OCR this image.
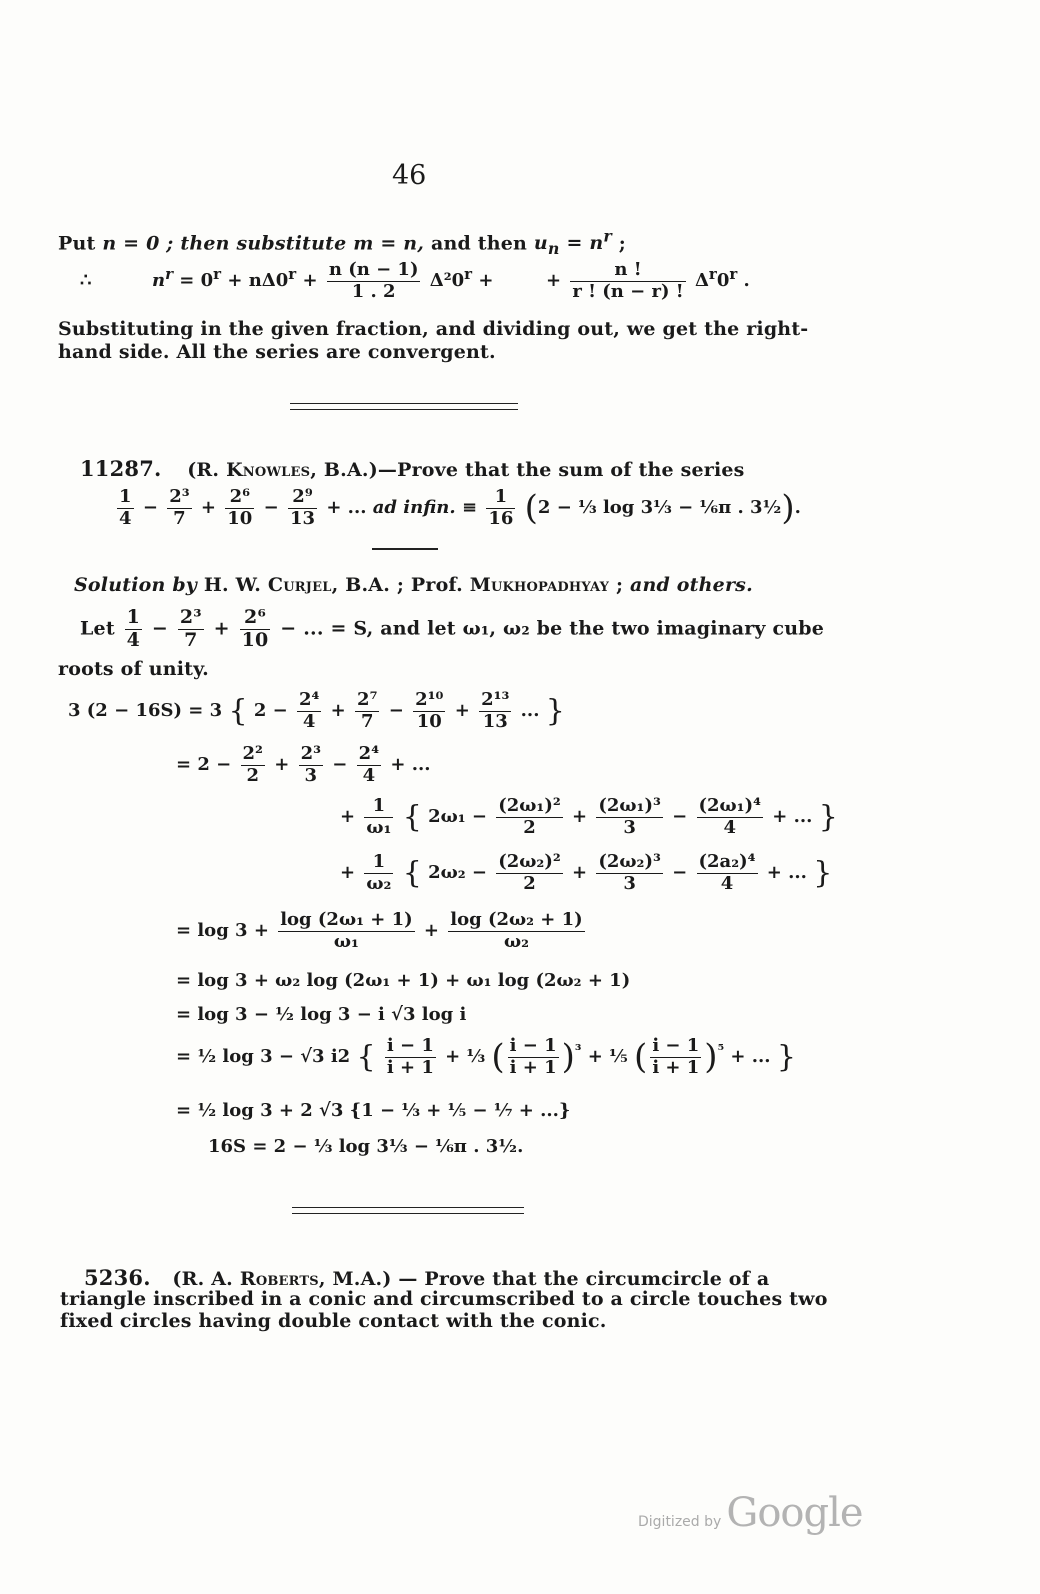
46
Put n = 0 ; then substitute m = n, and then $u_n = n^r$ ;
∴	$n^r = 0^r + n\Delta 0^r + \frac{n (n - 1)}{1 . 2} \Delta^20^r$ +	+ $\frac{n !}{r ! (n - r) !} \Delta^r0^r$ .
Substituting in the given fraction, and dividing out, we get the right-
hand side. All the series are convergent.
11287. (R. Knowles, B.A.)—Prove that the sum of the series
$\frac{1}{4} - \frac{\text{2³}}{7} + \frac{\text{2⁶}}{10} - \frac{\text{2⁹}}{13}$ + ... ad infin. ≡ $\frac{1}{16} (2$ − ⅓ log 3⅓ − ⅙π . 3½).
Solution by H. W. Curjel, B.A. ; Prof. Mukhopadhyay ; and others.
Let $\frac{1}{4} - \frac{\text{2³}}{7} + \frac{\text{2⁶}}{10}$ − ... = S, and let ω₁, ω₂ be the two imaginary cube
roots of unity.
3 (2 − 16S) = 3 { $2 - \frac{\text{2⁴}}{4} + \frac{\text{2⁷}}{7} - \frac{\text{2¹⁰}}{10} + \frac{\text{2¹³}}{13}$ ... }
= $2 - \frac{\text{2²}}{2} + \frac{\text{2³}}{3} - \frac{\text{2⁴}}{4}$ + ...
+ $\frac{1}{\text{ω₁}}$ { $2\omega_1 - \frac{\text{(2ω₁)²}}{2} + \frac{\text{(2ω₁)³}}{3} - \frac{\text{(2ω₁)⁴}}{4}$ + ... }
+ $\frac{1}{\text{ω₂}}$ { $2\omega_2 - \frac{\text{(2ω₂)²}}{2} + \frac{\text{(2ω₂)³}}{3} - \frac{\text{(2a₂)⁴}}{4}$ + ... }
= $\log 3 + \frac{\text{log (2ω₁ + 1)}}{\text{ω₁}} + \frac{\text{log (2ω₂ + 1)}}{\text{ω₂}}$
= log 3 + ω₂ log (2ω₁ + 1) + ω₁ log (2ω₂ + 1)
= log 3 − ½ log 3 − i √3 log i
= ½ log 3 − √3 i2 { $\frac{i - 1}{i + 1}$ + ⅓ ( $\frac{i - 1}{i + 1} )^{^3}$ + ⅕ ( $\frac{i - 1}{i + 1} )^{^5}$ + ... }
= ½ log 3 + 2 √3 {1 − ⅓ + ⅕ − ⅐ + ...}
16S = 2 − ⅓ log 3⅓ − ⅙π . 3½.
5236. (R. A. Roberts, M.A.) — Prove that the circumcircle of a
triangle inscribed in a conic and circumscribed to a circle touches two
fixed circles having double contact with the conic.
Digitized by Google
